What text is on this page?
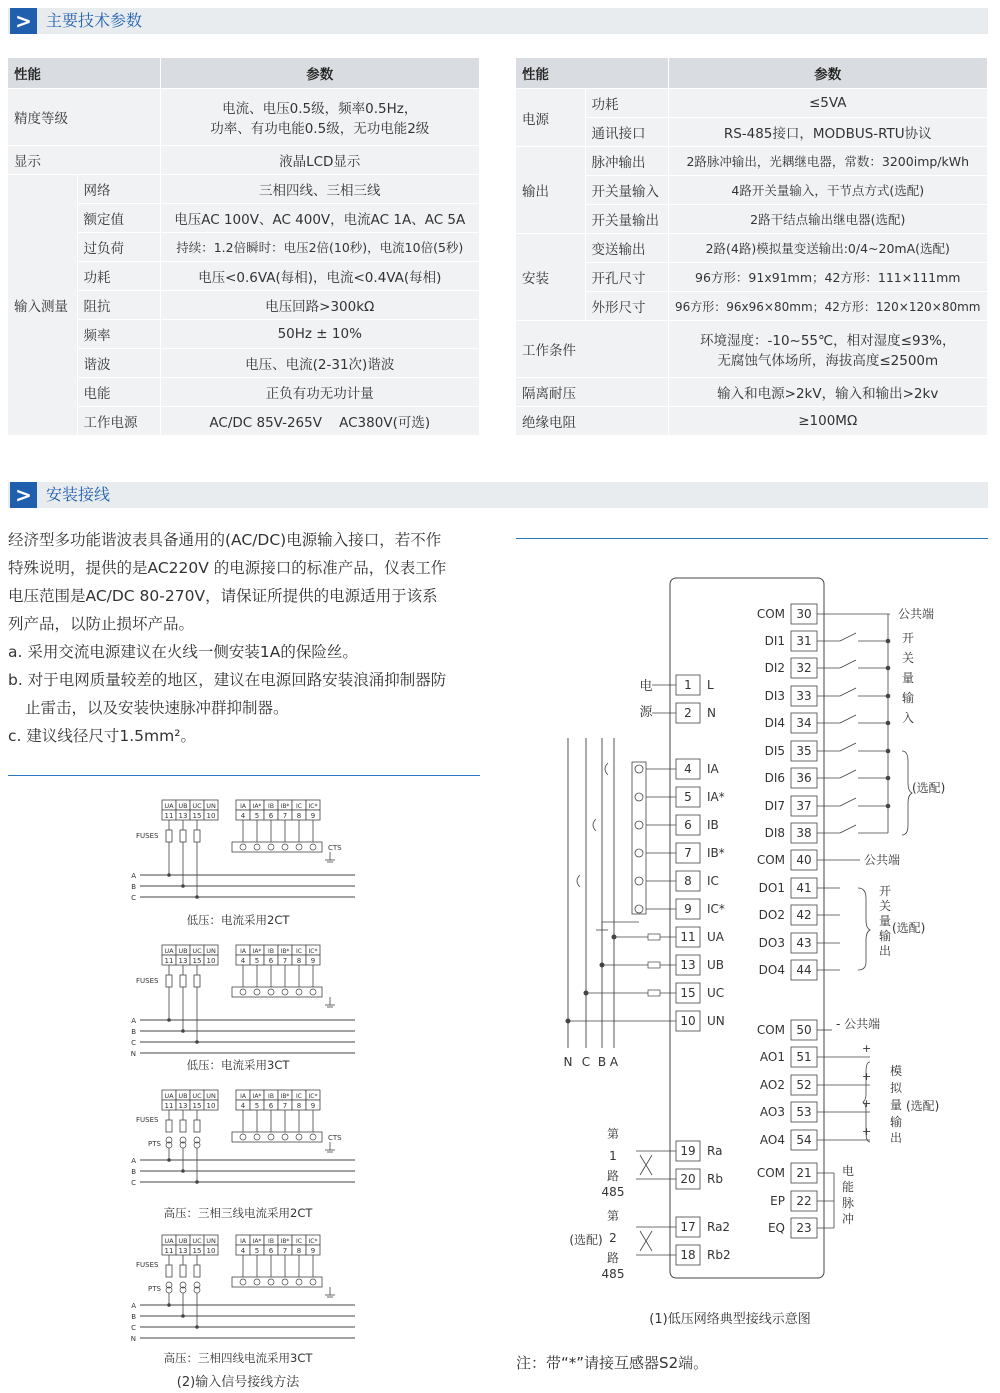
> 主要技术参数
性能		参数
精度等级		电流、电压0.5级，频率0.5Hz，
功率、有功电能0.5级，无功电能2级
显示		液晶LCD显示
输入测量	网络	三相四线、三相三线
	额定值	电压AC 100V、AC 400V，电流AC 1A、AC 5A
	过负荷	持续：1.2倍瞬时：电压2倍(10秒)，电流10倍(5秒)
	功耗	电压<0.6VA(每相)，电流<0.4VA(每相)
	阻抗	电压回路>300kΩ
	频率	50Hz ± 10%
	谐波	电压、电流(2-31次)谐波
	电能	正负有功无功计量
	工作电源	AC/DC 85V-265V    AC380V(可选)
性能		参数
电源	功耗	≤5VA
	通讯接口	RS-485接口，MODBUS-RTU协议
输出	脉冲输出	2路脉冲输出，光耦继电器，常数：3200imp/kWh
	开关量输入	4路开关量输入，干节点方式(选配)
	开关量输出	2路干结点输出继电器(选配)
安装	变送输出	2路(4路)模拟量变送输出:0/4~20mA(选配)
	开孔尺寸	96方形：91x91mm；42方形：111×111mm
	外形尺寸	96方形：96x96×80mm；42方形：120×120×80mm
工作条件		环境湿度：-10~55℃，相对湿度≤93%，
无腐蚀气体场所，海拔高度≤2500m
隔离耐压		输入和电源>2kV，输入和输出>2kv
绝缘电阻		≥100MΩ
> 安装接线
经济型多功能谐波表具备通用的(AC/DC)电源输入接口，若不作
特殊说明，提供的是AC220V 的电源接口的标准产品，仪表工作
电压范围是AC/DC 80-270V，请保证所提供的电源适用于该系
列产品，以防止损坏产品。
a. 采用交流电源建议在火线一侧安装1A的保险丝。
b. 对于电网质量较差的地区，建议在电源回路安装浪涌抑制器防
止雷击，以及安装快速脉冲群抑制器。
c. 建议线径尺寸1.5mm²。
UA
11
UB
13
UC
15
UN
10
IA
4
IA*
5
IB
6
IB*
7
IC
8
IC*
9
FUSES
CTS
A
B
C
低压：电流采用2CT
UA
11
UB
13
UC
15
UN
10
IA
4
IA*
5
IB
6
IB*
7
IC
8
IC*
9
FUSES
A
B
C
N
低压：电流采用3CT
UA
11
UB
13
UC
15
UN
10
IA
4
IA*
5
IB
6
IB*
7
IC
8
IC*
9
FUSES
PTS
CTS
A
B
C
高压：三相三线电流采用2CT
UA
11
UB
13
UC
15
UN
10
IA
4
IA*
5
IB
6
IB*
7
IC
8
IC*
9
FUSES
PTS
A
B
C
N
高压：三相四线电流采用3CT
(2)输入信号接线方法
1 L
2 N
4 IA
5 IA*
6 IB
7 IB*
8 IC
9 IC*
11 UA
13 UB
15 UC
10 UN
19 Ra
20 Rb
17 Ra2
18 Rb2
电
源
N C B A
第
1
路
485
第
2
路
485
(选配)
COM 30
DI1 31
DI2 32
DI3 33
DI4 34
DI5 35
DI6 36
DI7 37
DI8 38
COM 40
DO1 41
DO2 42
DO3 43
DO4 44
COM 50
AO1 51
AO2 52
AO3 53
AO4 54
COM 21
EP 22
EQ 23
公共端
开
关
量
输
入
(选配)
公共端
开
关
量
输
出
(选配)
- 公共端
+
+
+
+
模
拟
量
输
出
(选配)
电
能
脉
冲
(1)低压网络典型接线示意图
注：带“*”请接互感器S2端。
